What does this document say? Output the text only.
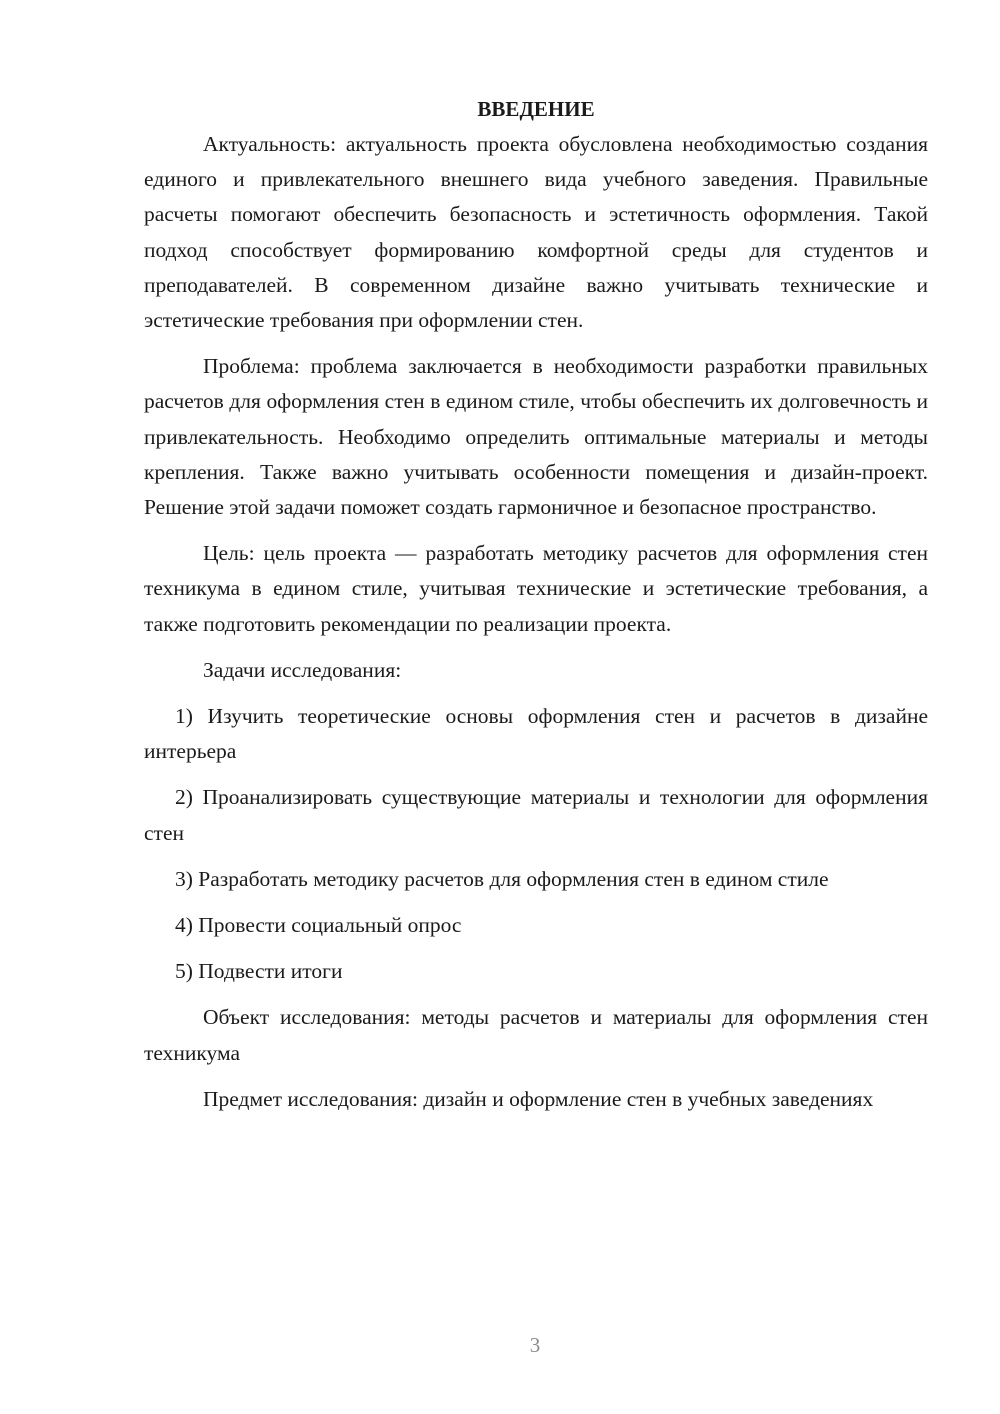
ВВЕДЕНИЕ

Актуальность: актуальность проекта обусловлена необходимостью создания единого и привлекательного внешнего вида учебного заведения. Правильные расчеты помогают обеспечить безопасность и эстетичность оформления. Такой подход способствует формированию комфортной среды для студентов и преподавателей. В современном дизайне важно учитывать технические и эстетические требования при оформлении стен.

Проблема: проблема заключается в необходимости разработки правильных расчетов для оформления стен в едином стиле, чтобы обеспечить их долговечность и привлекательность. Необходимо определить оптимальные материалы и методы крепления. Также важно учитывать особенности помещения и дизайн-проект. Решение этой задачи поможет создать гармоничное и безопасное пространство.

Цель: цель проекта — разработать методику расчетов для оформления стен техникума в едином стиле, учитывая технические и эстетические требования, а также подготовить рекомендации по реализации проекта.

Задачи исследования:

1) Изучить теоретические основы оформления стен и расчетов в дизайне интерьера

2) Проанализировать существующие материалы и технологии для оформления стен

3) Разработать методику расчетов для оформления стен в едином стиле

4) Провести социальный опрос

5) Подвести итоги

Объект исследования: методы расчетов и материалы для оформления стен техникума

Предмет исследования: дизайн и оформление стен в учебных заведениях

3
